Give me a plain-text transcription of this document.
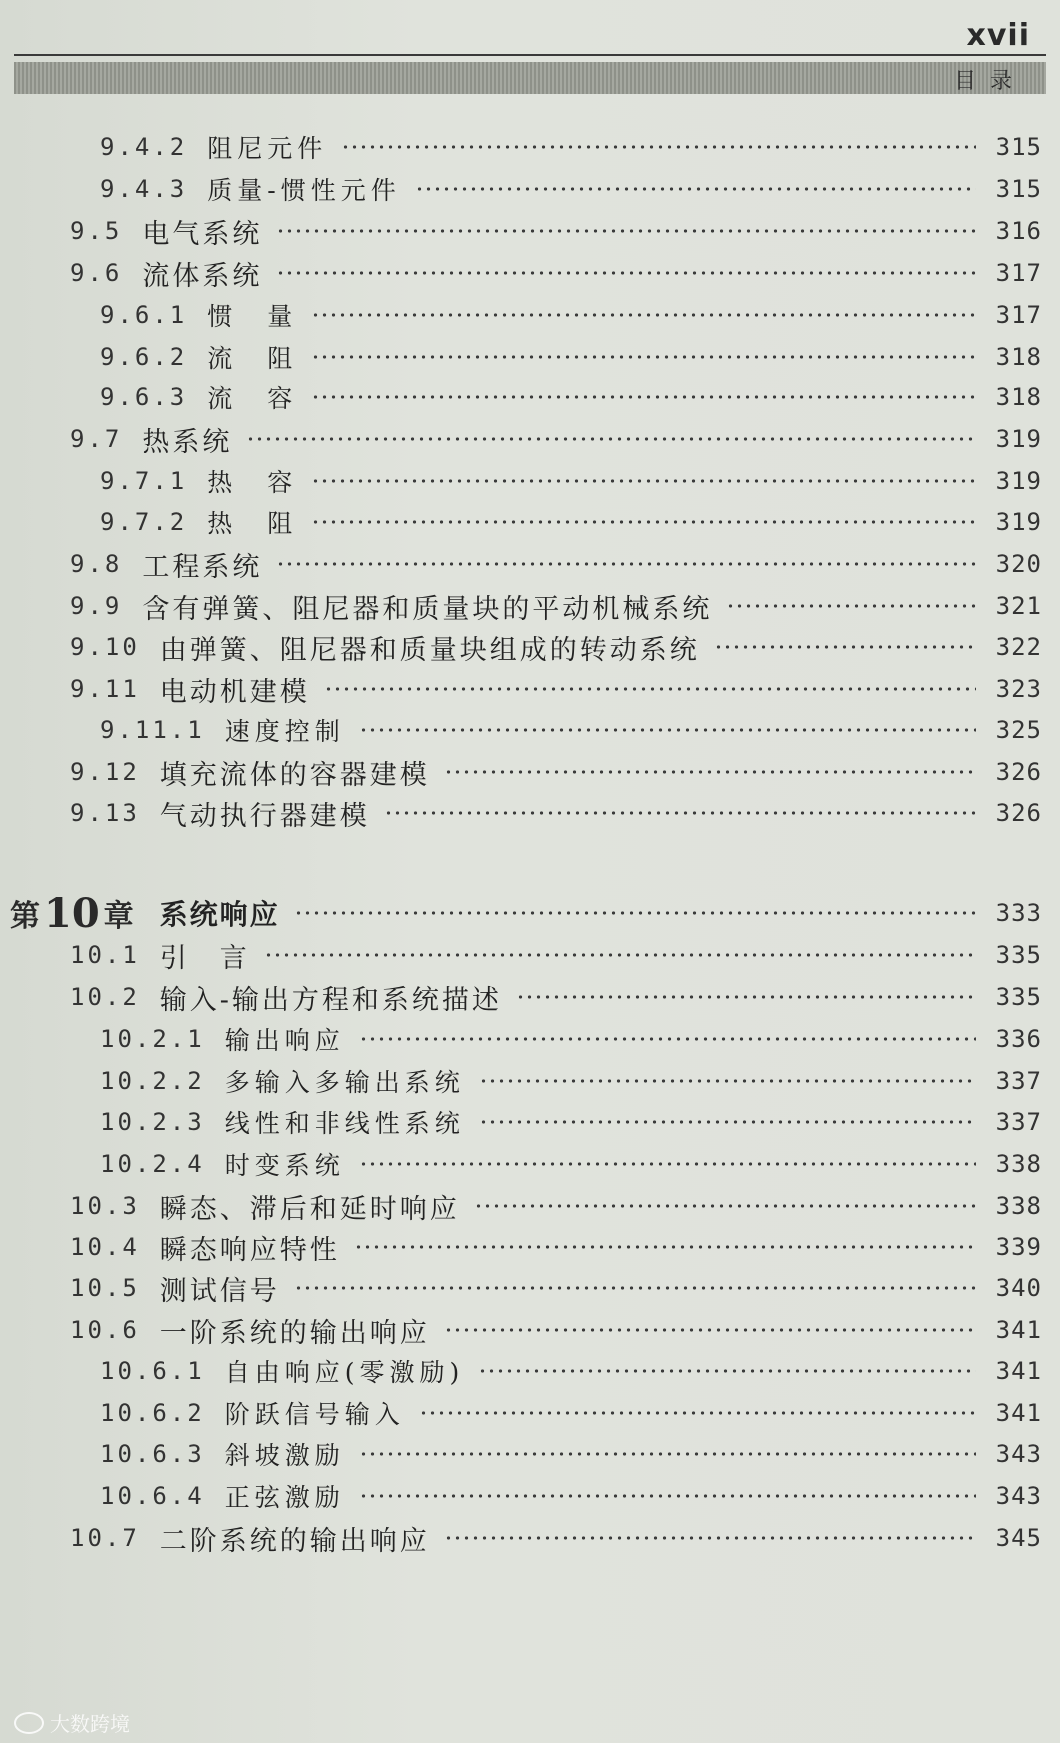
xvii
目录
9.4.2 阻尼元件	315
9.4.3 质量-惯性元件	315
9.5 电气系统	316
9.6 流体系统	317
9.6.1 惯　量	317
9.6.2 流　阻	318
9.6.3 流　容	318
9.7 热系统	319
9.7.1 热　容	319
9.7.2 热　阻	319
9.8 工程系统	320
9.9 含有弹簧、阻尼器和质量块的平动机械系统	321
9.10 由弹簧、阻尼器和质量块组成的转动系统	322
9.11 电动机建模	323
9.11.1 速度控制	325
9.12 填充流体的容器建模	326
9.13 气动执行器建模	326
第 10 章 系统响应	333
10.1 引　言	335
10.2 输入-输出方程和系统描述	335
10.2.1 输出响应	336
10.2.2 多输入多输出系统	337
10.2.3 线性和非线性系统	337
10.2.4 时变系统	338
10.3 瞬态、滞后和延时响应	338
10.4 瞬态响应特性	339
10.5 测试信号	340
10.6 一阶系统的输出响应	341
10.6.1 自由响应(零激励)	341
10.6.2 阶跃信号输入	341
10.6.3 斜坡激励	343
10.6.4 正弦激励	343
10.7 二阶系统的输出响应	345
大数跨境
